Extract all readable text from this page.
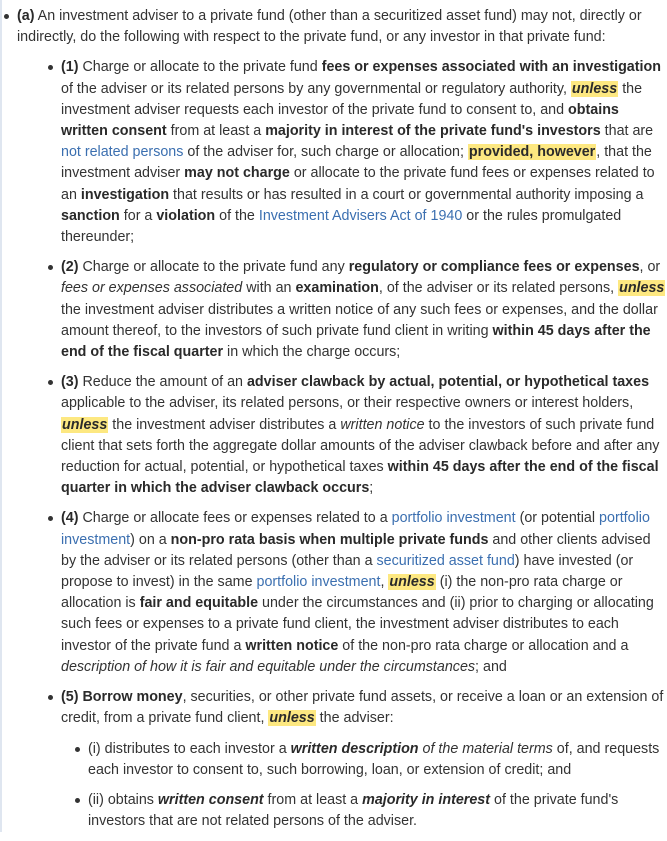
(a) An investment adviser to a private fund (other than a securitized asset fund) may not, directly or indirectly, do the following with respect to the private fund, or any investor in that private fund:
(1) Charge or allocate to the private fund fees or expenses associated with an investigation of the adviser or its related persons by any governmental or regulatory authority, unless the investment adviser requests each investor of the private fund to consent to, and obtains written consent from at least a majority in interest of the private fund's investors that are not related persons of the adviser for, such charge or allocation; provided, however, that the investment adviser may not charge or allocate to the private fund fees or expenses related to an investigation that results or has resulted in a court or governmental authority imposing a sanction for a violation of the Investment Advisers Act of 1940 or the rules promulgated thereunder;
(2) Charge or allocate to the private fund any regulatory or compliance fees or expenses, or fees or expenses associated with an examination, of the adviser or its related persons, unless the investment adviser distributes a written notice of any such fees or expenses, and the dollar amount thereof, to the investors of such private fund client in writing within 45 days after the end of the fiscal quarter in which the charge occurs;
(3) Reduce the amount of an adviser clawback by actual, potential, or hypothetical taxes applicable to the adviser, its related persons, or their respective owners or interest holders, unless the investment adviser distributes a written notice to the investors of such private fund client that sets forth the aggregate dollar amounts of the adviser clawback before and after any reduction for actual, potential, or hypothetical taxes within 45 days after the end of the fiscal quarter in which the adviser clawback occurs;
(4) Charge or allocate fees or expenses related to a portfolio investment (or potential portfolio investment) on a non-pro rata basis when multiple private funds and other clients advised by the adviser or its related persons (other than a securitized asset fund) have invested (or propose to invest) in the same portfolio investment, unless (i) the non-pro rata charge or allocation is fair and equitable under the circumstances and (ii) prior to charging or allocating such fees or expenses to a private fund client, the investment adviser distributes to each investor of the private fund a written notice of the non-pro rata charge or allocation and a description of how it is fair and equitable under the circumstances; and
(5) Borrow money, securities, or other private fund assets, or receive a loan or an extension of credit, from a private fund client, unless the adviser:
(i) distributes to each investor a written description of the material terms of, and requests each investor to consent to, such borrowing, loan, or extension of credit; and
(ii) obtains written consent from at least a majority in interest of the private fund's investors that are not related persons of the adviser.
